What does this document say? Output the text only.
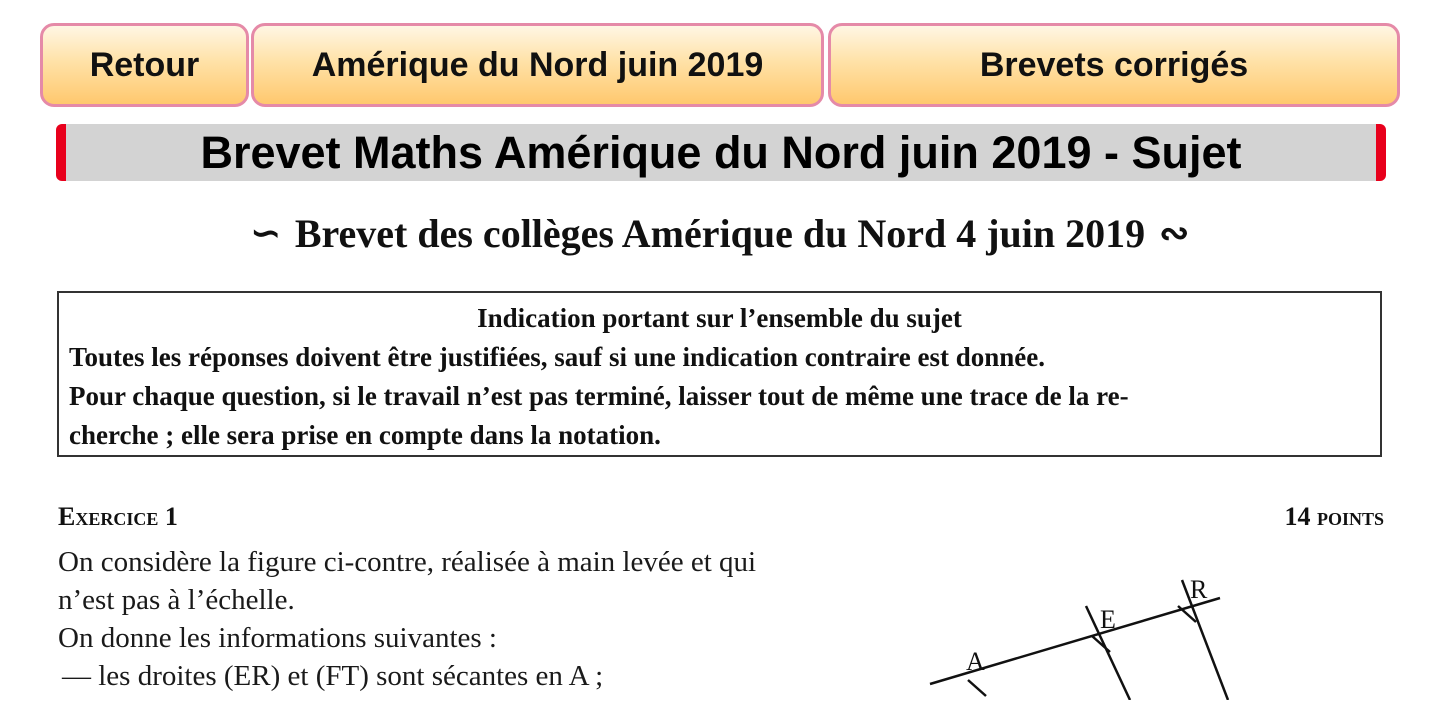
Retour	Amérique du Nord juin 2019	Brevets corrigés
Brevet Maths Amérique du Nord juin 2019 - Sujet
∽ Brevet des collèges Amérique du Nord 4 juin 2019 ∾
Indication portant sur l’ensemble du sujet
Toutes les réponses doivent être justifiées, sauf si une indication contraire est donnée.
Pour chaque question, si le travail n’est pas terminé, laisser tout de même une trace de la re-
cherche ; elle sera prise en compte dans la notation.
Exercice 1	14 points
On considère la figure ci-contre, réalisée à main levée et qui
n’est pas à l’échelle.
On donne les informations suivantes :
— les droites (ER) et (FT) sont sécantes en A ;	A
E
R
